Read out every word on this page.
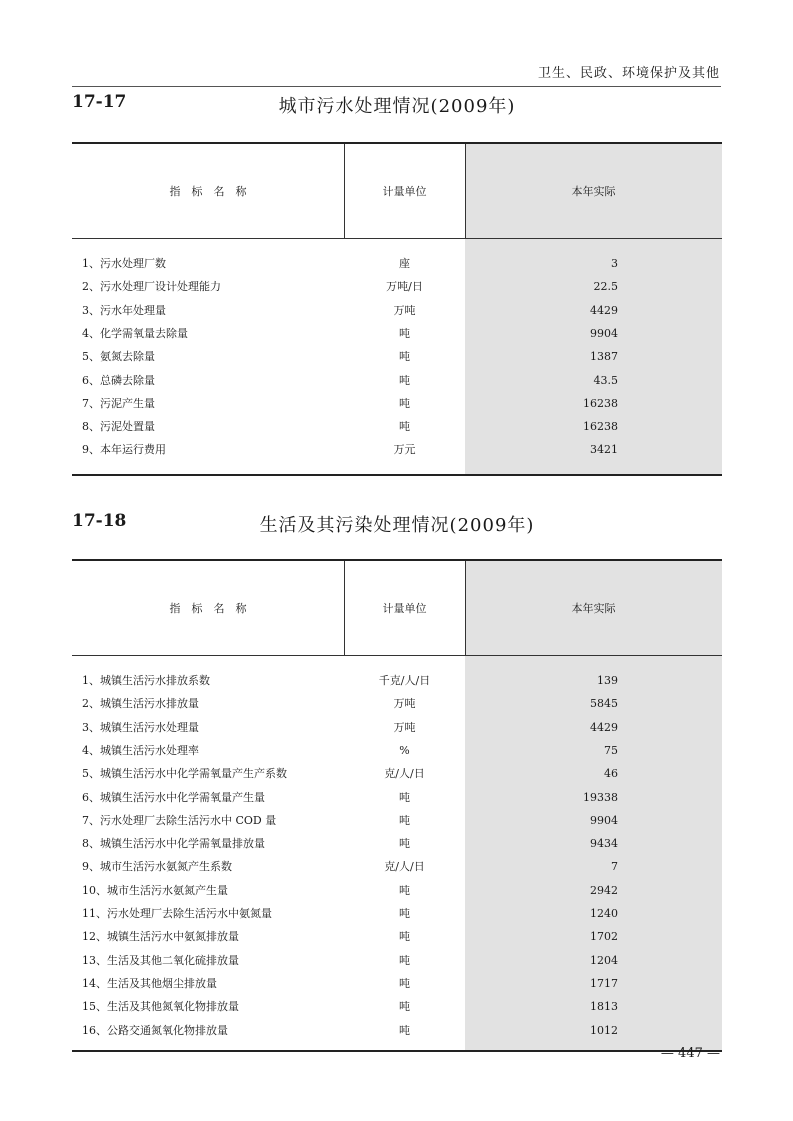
卫生、民政、环境保护及其他
17-17	城市污水处理情况(2009年)
指　标　名　称	计量单位	本年实际
1、污水处理厂数	座	3
2、污水处理厂设计处理能力	万吨/日	22.5
3、污水年处理量	万吨	4429
4、化学需氧量去除量	吨	9904
5、氨氮去除量	吨	1387
6、总磷去除量	吨	43.5
7、污泥产生量	吨	16238
8、污泥处置量	吨	16238
9、本年运行费用	万元	3421
17-18	生活及其污染处理情况(2009年)
指　标　名　称	计量单位	本年实际
1、城镇生活污水排放系数	千克/人/日	139
2、城镇生活污水排放量	万吨	5845
3、城镇生活污水处理量	万吨	4429
4、城镇生活污水处理率	%	75
5、城镇生活污水中化学需氧量产生产系数	克/人/日	46
6、城镇生活污水中化学需氧量产生量	吨	19338
7、污水处理厂去除生活污水中 COD 量	吨	9904
8、城镇生活污水中化学需氧量排放量	吨	9434
9、城市生活污水氨氮产生系数	克/人/日	7
10、城市生活污水氨氮产生量	吨	2942
11、污水处理厂去除生活污水中氨氮量	吨	1240
12、城镇生活污水中氨氮排放量	吨	1702
13、生活及其他二氧化硫排放量	吨	1204
14、生活及其他烟尘排放量	吨	1717
15、生活及其他氮氧化物排放量	吨	1813
16、公路交通氮氧化物排放量	吨	1012
— 447 —
